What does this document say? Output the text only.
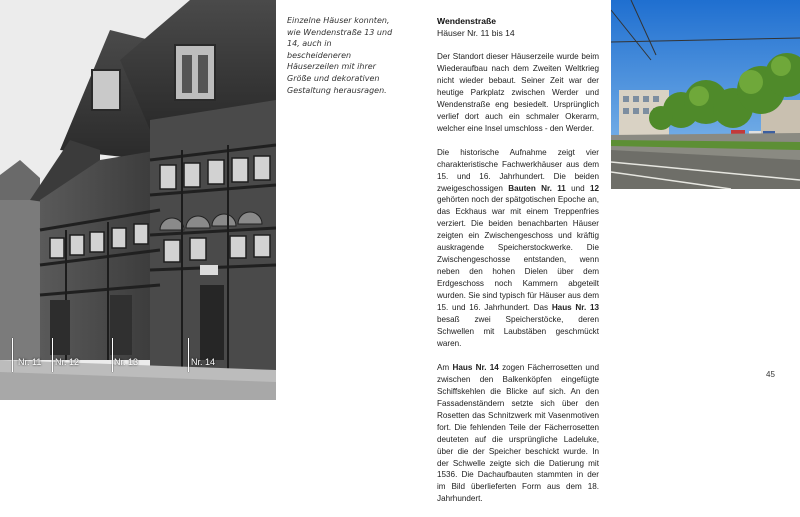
Nr. 11 Nr. 12	Nr. 13	Nr. 14
Einzelne Häuser konnten, wie Wendenstraße 13 und 14, auch in bescheideneren Häuserzeilen mit ihrer Größe und dekorativen Gestaltung herausragen.
Wendenstraße
Häuser Nr. 11 bis 14

Der Standort dieser Häuserzeile wurde beim Wiederaufbau nach dem Zweiten Weltkrieg nicht wieder bebaut. Seiner Zeit war der heutige Parkplatz zwischen Werder und Wendenstraße eng besiedelt. Ursprünglich verlief dort auch ein schmaler Okerarm, welcher eine Insel umschloss - den Werder.

Die historische Aufnahme zeigt vier charakteristische Fachwerkhäuser aus dem 15. und 16. Jahrhundert. Die beiden zweigeschossigen Bauten Nr. 11 und 12 gehörten noch der spätgotischen Epoche an, das Eckhaus war mit einem Treppenfries verziert. Die beiden benachbarten Häuser zeigten ein Zwischengeschoss und kräftig auskragende Speicherstockwerke. Die Zwischengeschosse entstanden, wenn neben den hohen Dielen über dem Erdgeschoss noch Kammern abgeteilt wurden. Sie sind typisch für Häuser aus dem 15. und 16. Jahrhundert. Das Haus Nr. 13 besaß zwei Speicherstöcke, deren Schwellen mit Laubstäben geschmückt waren.

Am Haus Nr. 14 zogen Fächerrosetten und zwischen den Balkenköpfen eingefügte Schiffskehlen die Blicke auf sich. An den Fassadenständern setzte sich über den Rosetten das Schnitzwerk mit Vasenmotiven fort. Die fehlenden Teile der Fächerrosetten deuteten auf die ursprüngliche Ladeluke, über die der Speicher beschickt wurde. In der Schwelle zeigte sich die Datierung mit 1536. Die Dachaufbauten stammten in der im Bild überlieferten Form aus dem 18. Jahrhundert.

45
